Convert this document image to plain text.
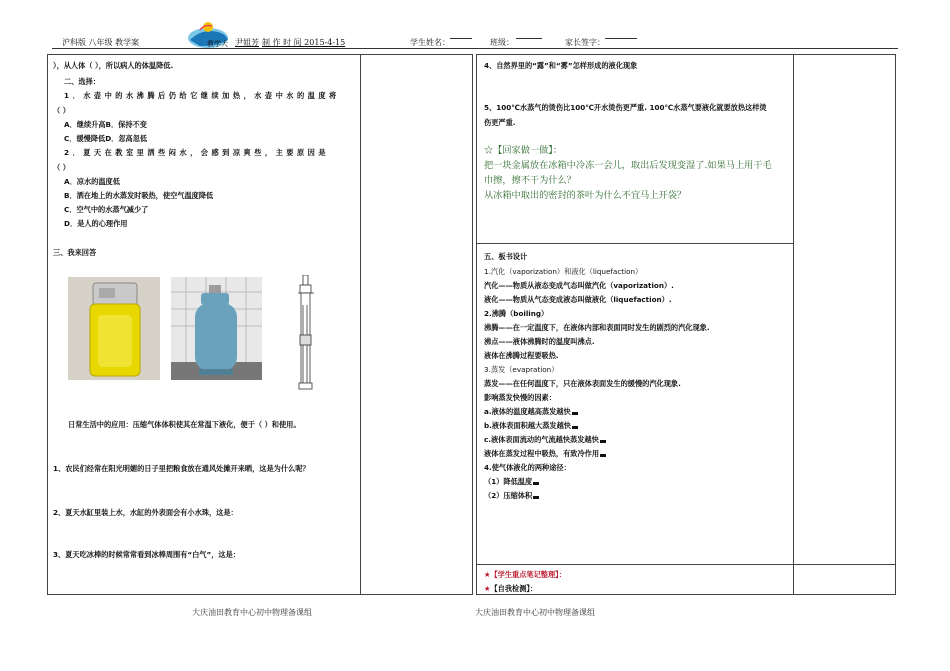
沪科版 八年级 教学案	教学大 尹姐芳 制 作 时 间 2015-4-15	学生姓名：	班级：	家长签字：
），从人体（ ），所以病人的体温降低.
二、选择：
1．水壶中的水沸腾后仍给它继续加热，水壶中水的温度将
（ ）
A．继续升高B．保持不变
C．缓慢降低D．忽高忽低
2．夏天在教室里洒些闷水，会感到凉爽些，主要原因是
（ ）
A．凉水的温度低
B．洒在地上的水蒸发时吸热，使空气温度降低
C．空气中的水蒸气减少了
D．是人的心理作用
三、我来回答
日常生活中的应用：压缩气体体积使其在常温下液化，便于（ ）和使用。
1、农民们经常在阳光明媚的日子里把粮食放在通风处摊开来晒，这是为什么呢？
2、夏天水缸里装上水，水缸的外表面会有小水珠，这是：
3、夏天吃冰棒的时候常常看到冰棒周围有“白气”，这是：
4、自然界里的“露”和“雾”怎样形成的液化现象
5、100℃水蒸气的烫伤比100℃开水烫伤更严重. 100℃水蒸气要液化就要放热这样烫
伤更严重.
☆【回家做一做】：
把一块金属放在冰箱中冷冻一会儿，取出后发现变湿了.如果马上用干毛
巾擦，擦不干为什么？
从冰箱中取出的密封的茶叶为什么不宜马上开袋？
五、板书设计
1.汽化（vaporization）和液化（liquefaction）
汽化——物质从液态变成气态叫做汽化（vaporization）.
液化——物质从气态变成液态叫做液化（liquefaction）.
2.沸腾（boiling）
沸腾——在一定温度下，在液体内部和表面同时发生的剧烈的汽化现象.
沸点——液体沸腾时的温度叫沸点.
液体在沸腾过程要吸热.
3.蒸发（evapration）
蒸发——在任何温度下，只在液体表面发生的缓慢的汽化现象.
影响蒸发快慢的因素：
a.液体的温度越高蒸发越快
b.液体表面积越大蒸发越快
c.液体表面流动的气流越快蒸发越快
液体在蒸发过程中吸热，有致冷作用
4.使气体液化的两种途径：
（1）降低温度
（2）压缩体积
★【学生重点笔记整理】：
★【自我检测】：
大庆油田教育中心初中物理备课组	大庆油田教育中心初中物理备课组
